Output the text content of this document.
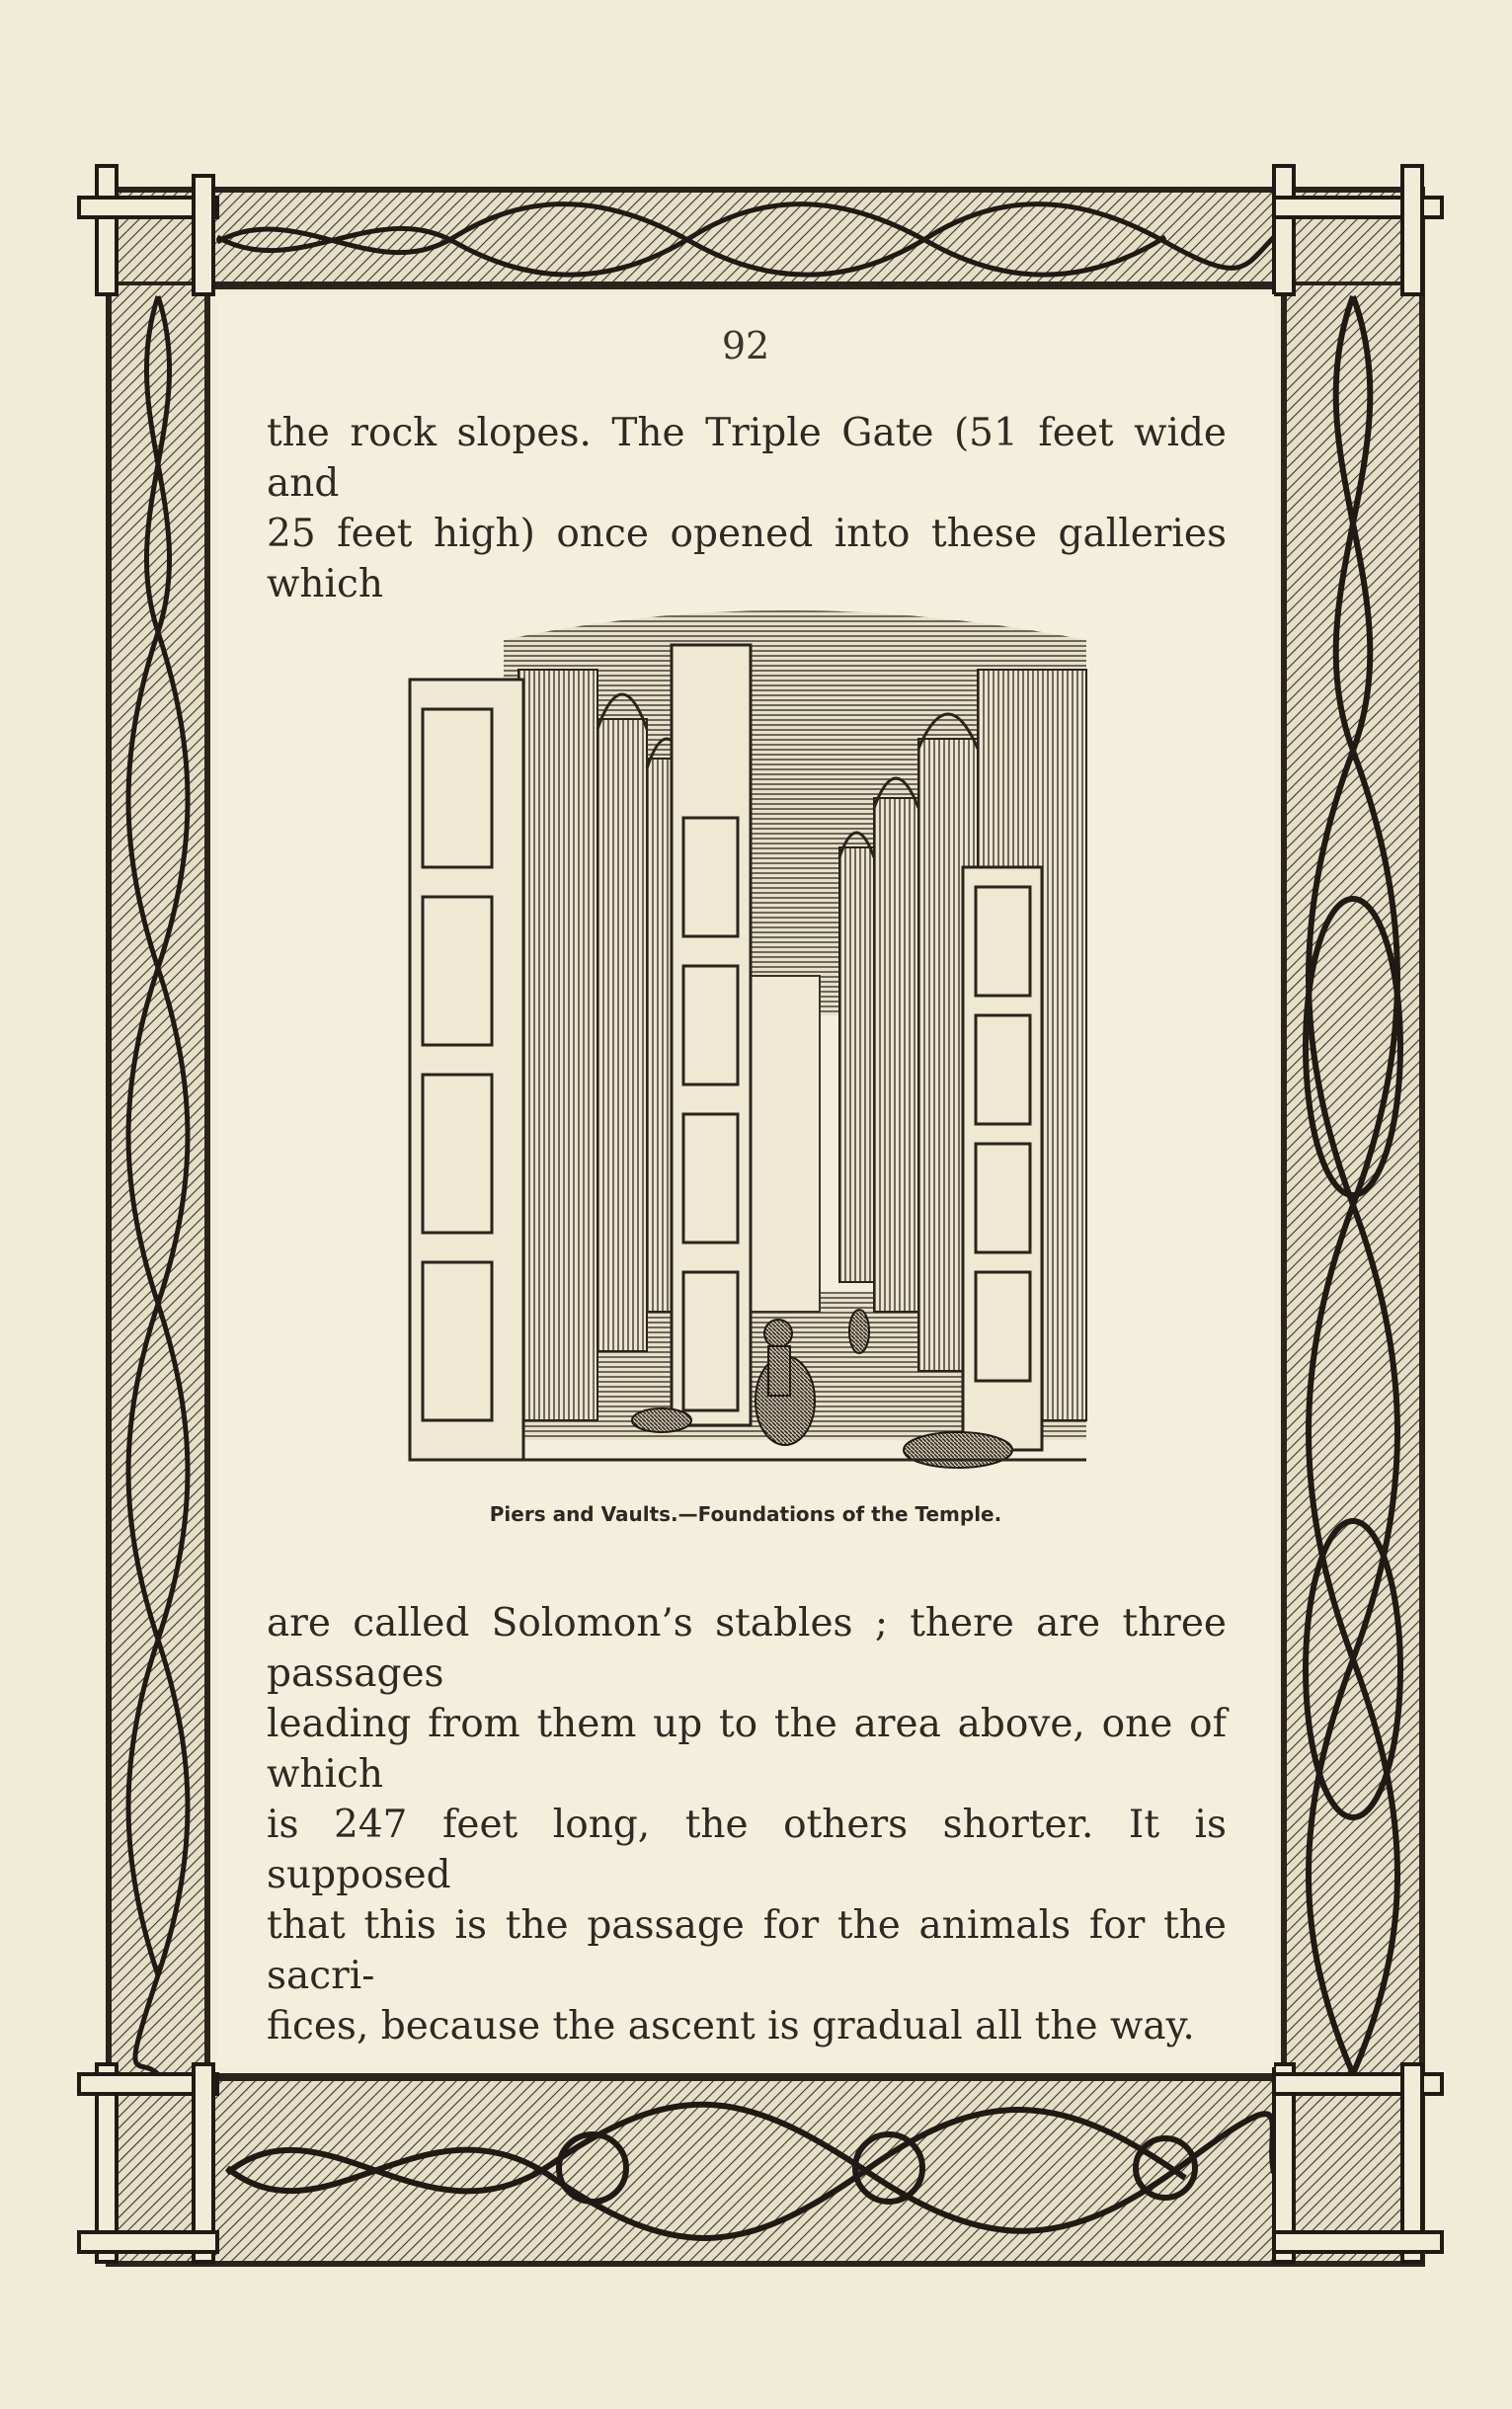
92

the rock slopes. The Triple Gate (51 feet wide and
25 feet high) once opened into these galleries which

Piers and Vaults.—Foundations of the Temple.

are called Solomon’s stables ; there are three passages
leading from them up to the area above, one of which
is 247 feet long, the others shorter. It is supposed
that this is the passage for the animals for the sacri-
fices, because the ascent is gradual all the way.
